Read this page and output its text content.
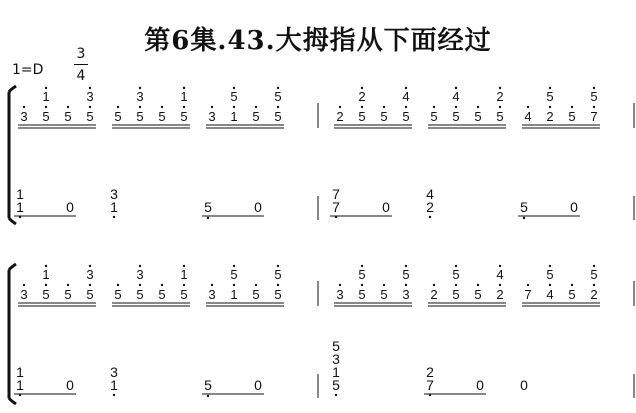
第6集.43.大拇指从下面经过
1=D
3
4
3 5 5 5
1	3
5 5 5 5
3	1
3 1 5 5
5	5
2 5 5 5
2	4
5 5 5 5
4	2
4 2 5 7
5	5
1
1	0
3
1	5	0
7
7	0
4
2	5	0
3 5 5 5
1	3
5 5 5 5
3	1
3 1 5 5
5	5
3 5 5 3
5	5
2 5 5 2
5	4
7 4 5 2
5	5
1
1	0
3
1	5	0
5
3
1
5
2
7	0	0
